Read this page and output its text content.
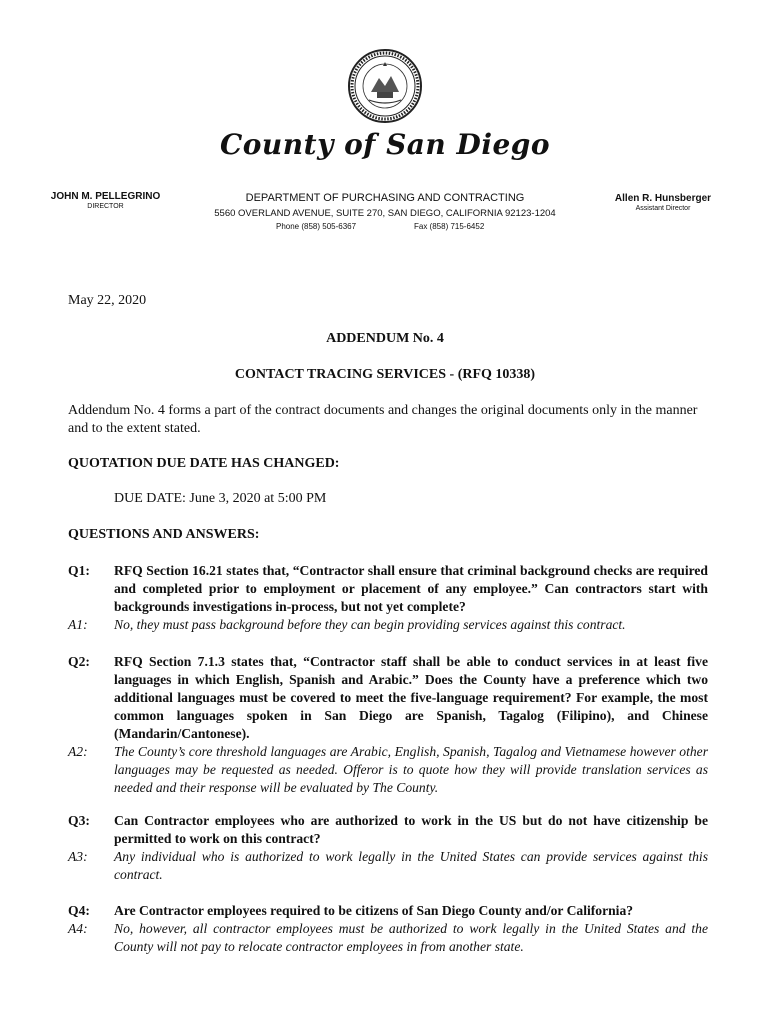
County of San Diego
JOHN M. PELLEGRINO
DIRECTOR
DEPARTMENT OF PURCHASING AND CONTRACTING
5560 OVERLAND AVENUE, SUITE 270, SAN DIEGO, CALIFORNIA 92123-1204
Phone (858) 505-6367	Fax (858) 715-6452
Allen R. Hunsberger
Assistant Director
May 22, 2020
ADDENDUM No. 4
CONTACT TRACING SERVICES - (RFQ 10338)
Addendum No. 4 forms a part of the contract documents and changes the original documents only in the manner and to the extent stated.
QUOTATION DUE DATE HAS CHANGED:
DUE DATE: June 3, 2020 at 5:00 PM
QUESTIONS AND ANSWERS:
Q1:	RFQ Section 16.21 states that, “Contractor shall ensure that criminal background checks are required and completed prior to employment or placement of any employee.” Can contractors start with backgrounds investigations in-process, but not yet complete?
A1:	No, they must pass background before they can begin providing services against this contract.
Q2:	RFQ Section 7.1.3 states that, “Contractor staff shall be able to conduct services in at least five languages in which English, Spanish and Arabic.” Does the County have a preference which two additional languages must be covered to meet the five-language requirement? For example, the most common languages spoken in San Diego are Spanish, Tagalog (Filipino), and Chinese (Mandarin/Cantonese).
A2:	The County’s core threshold languages are Arabic, English, Spanish, Tagalog and Vietnamese however other languages may be requested as needed. Offeror is to quote how they will provide translation services as needed and their response will be evaluated by The County.
Q3:	Can Contractor employees who are authorized to work in the US but do not have citizenship be permitted to work on this contract?
A3:	Any individual who is authorized to work legally in the United States can provide services against this contract.
Q4:	Are Contractor employees required to be citizens of San Diego County and/or California?
A4:	No, however, all contractor employees must be authorized to work legally in the United States and the County will not pay to relocate contractor employees in from another state.
